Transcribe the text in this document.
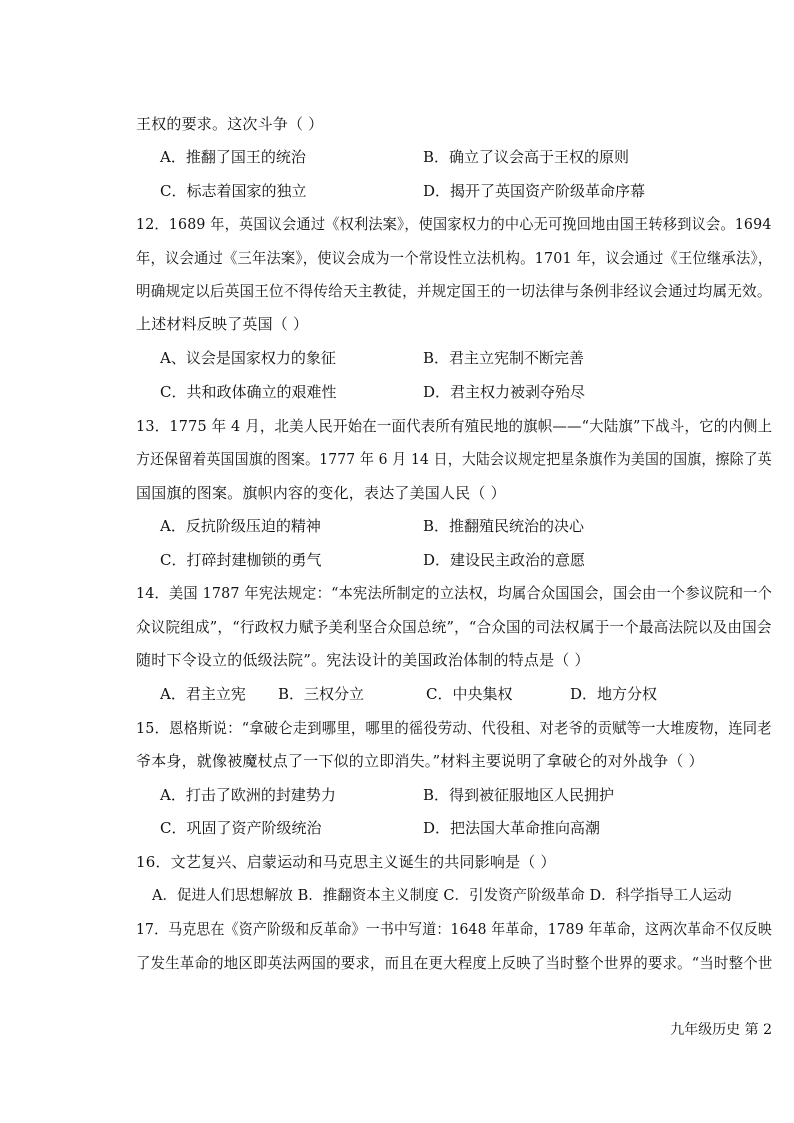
王权的要求。这次斗争（ ）
A．推翻了国王的统治	B．确立了议会高于王权的原则
C．标志着国家的独立	D．揭开了英国资产阶级革命序幕
12．1689 年，英国议会通过《权利法案》，使国家权力的中心无可挽回地由国王转移到议会。1694
年，议会通过《三年法案》，使议会成为一个常设性立法机构。1701 年，议会通过《王位继承法》，
明确规定以后英国王位不得传给天主教徒，并规定国王的一切法律与条例非经议会通过均属无效。
上述材料反映了英国（ ）
A、议会是国家权力的象征	B．君主立宪制不断完善
C．共和政体确立的艰难性	D．君主权力被剥夺殆尽
13．1775 年 4 月，北美人民开始在一面代表所有殖民地的旗帜——“大陆旗”下战斗，它的内侧上
方还保留着英国国旗的图案。1777 年 6 月 14 日，大陆会议规定把星条旗作为美国的国旗，擦除了英
国国旗的图案。旗帜内容的变化，表达了美国人民（ ）
A．反抗阶级压迫的精神	B．推翻殖民统治的决心
C．打碎封建枷锁的勇气	D．建设民主政治的意愿
14．美国 1787 年宪法规定：“本宪法所制定的立法权，均属合众国国会，国会由一个参议院和一个
众议院组成”，“行政权力赋予美利坚合众国总统”，“合众国的司法权属于一个最高法院以及由国会
随时下令设立的低级法院”。宪法设计的美国政治体制的特点是（ ）
A．君主立宪 B．三权分立	C．中央集权	D．地方分权
15．恩格斯说：“拿破仑走到哪里，哪里的徭役劳动、代役租、对老爷的贡赋等一大堆废物，连同老
爷本身，就像被魔杖点了一下似的立即消失。”材料主要说明了拿破仑的对外战争（ ）
A．打击了欧洲的封建势力	B．得到被征服地区人民拥护
C．巩固了资产阶级统治	D．把法国大革命推向高潮
16．文艺复兴、启蒙运动和马克思主义诞生的共同影响是（ ）
A．促进人们思想解放 B．推翻资本主义制度 C．引发资产阶级革命 D．科学指导工人运动
17．马克思在《资产阶级和反革命》一书中写道：1648 年革命，1789 年革命，这两次革命不仅反映
了发生革命的地区即英法两国的要求，而且在更大程度上反映了当时整个世界的要求。“当时整个世
九年级历史 第 2
